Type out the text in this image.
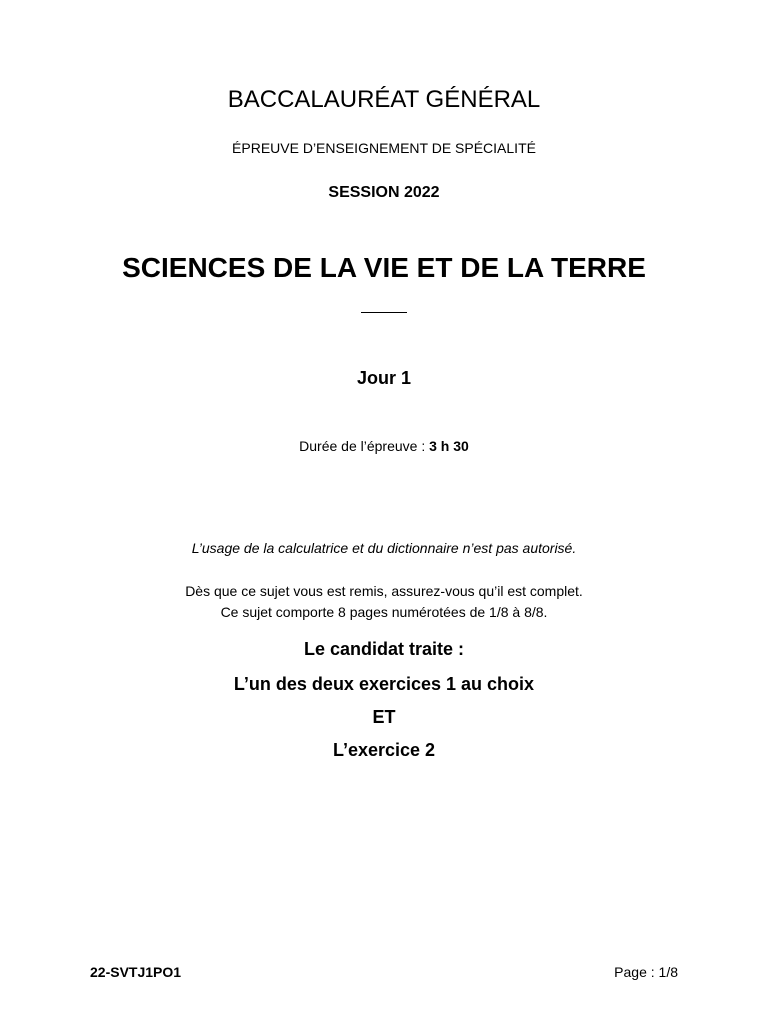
BACCALAURÉAT GÉNÉRAL
ÉPREUVE D’ENSEIGNEMENT DE SPÉCIALITÉ
SESSION 2022
SCIENCES DE LA VIE ET DE LA TERRE
Jour 1
Durée de l’épreuve : 3 h 30
L’usage de la calculatrice et du dictionnaire n’est pas autorisé.
Dès que ce sujet vous est remis, assurez-vous qu’il est complet.
Ce sujet comporte 8 pages numérotées de 1/8 à 8/8.
Le candidat traite :
L’un des deux exercices 1 au choix
ET
L’exercice 2
22-SVTJ1PO1	Page : 1/8
